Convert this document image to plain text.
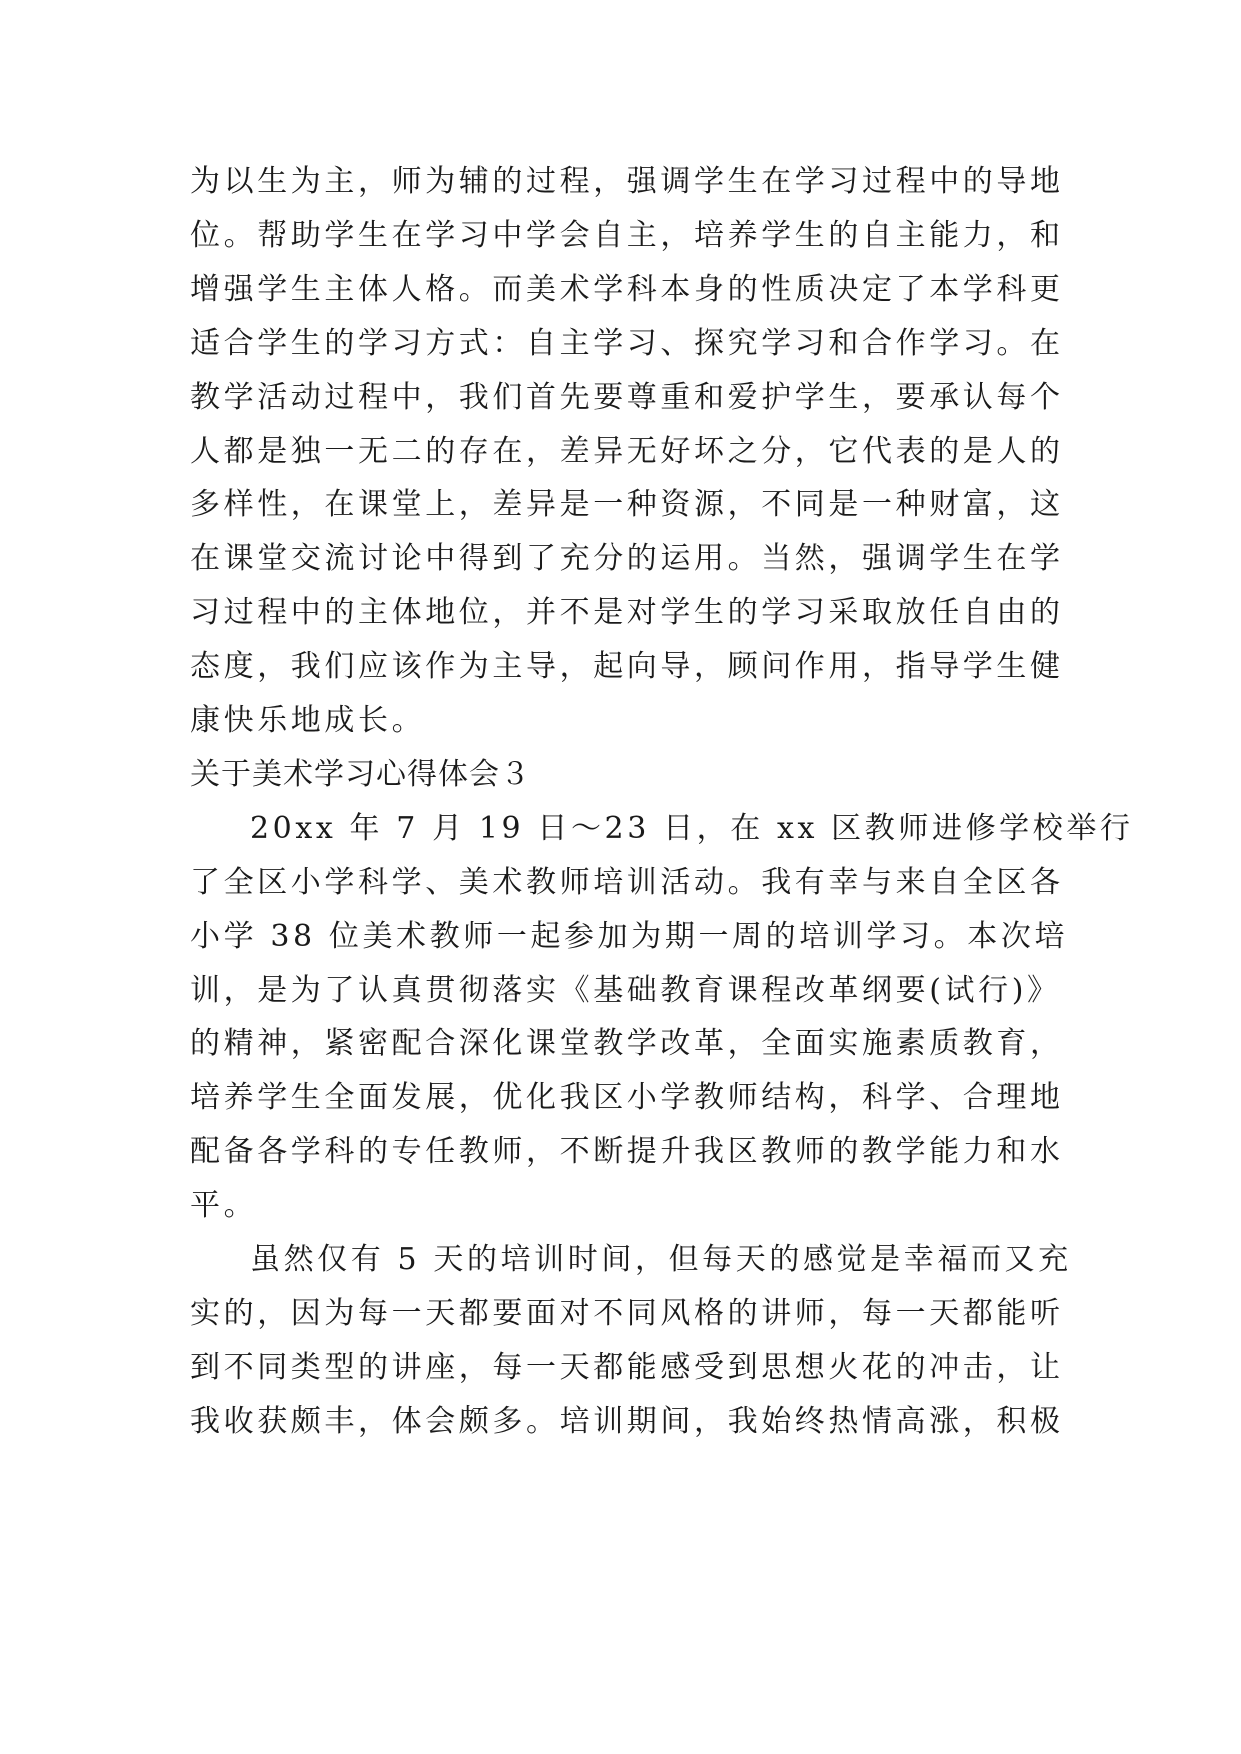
为以生为主，师为辅的过程，强调学生在学习过程中的导地
位。帮助学生在学习中学会自主，培养学生的自主能力，和
增强学生主体人格。而美术学科本身的性质决定了本学科更
适合学生的学习方式：自主学习、探究学习和合作学习。在
教学活动过程中，我们首先要尊重和爱护学生，要承认每个
人都是独一无二的存在，差异无好坏之分，它代表的是人的
多样性，在课堂上，差异是一种资源，不同是一种财富，这
在课堂交流讨论中得到了充分的运用。当然，强调学生在学
习过程中的主体地位，并不是对学生的学习采取放任自由的
态度，我们应该作为主导，起向导，顾问作用，指导学生健
康快乐地成长。
关于美术学习心得体会３
20xx 年 7 月 19 日～23 日，在 xx 区教师进修学校举行
了全区小学科学、美术教师培训活动。我有幸与来自全区各
小学 38 位美术教师一起参加为期一周的培训学习。本次培
训，是为了认真贯彻落实《基础教育课程改革纲要(试行)》
的精神，紧密配合深化课堂教学改革，全面实施素质教育，
培养学生全面发展，优化我区小学教师结构，科学、合理地
配备各学科的专任教师，不断提升我区教师的教学能力和水
平。
虽然仅有 5 天的培训时间，但每天的感觉是幸福而又充
实的，因为每一天都要面对不同风格的讲师，每一天都能听
到不同类型的讲座，每一天都能感受到思想火花的冲击，让
我收获颇丰，体会颇多。培训期间，我始终热情高涨，积极
